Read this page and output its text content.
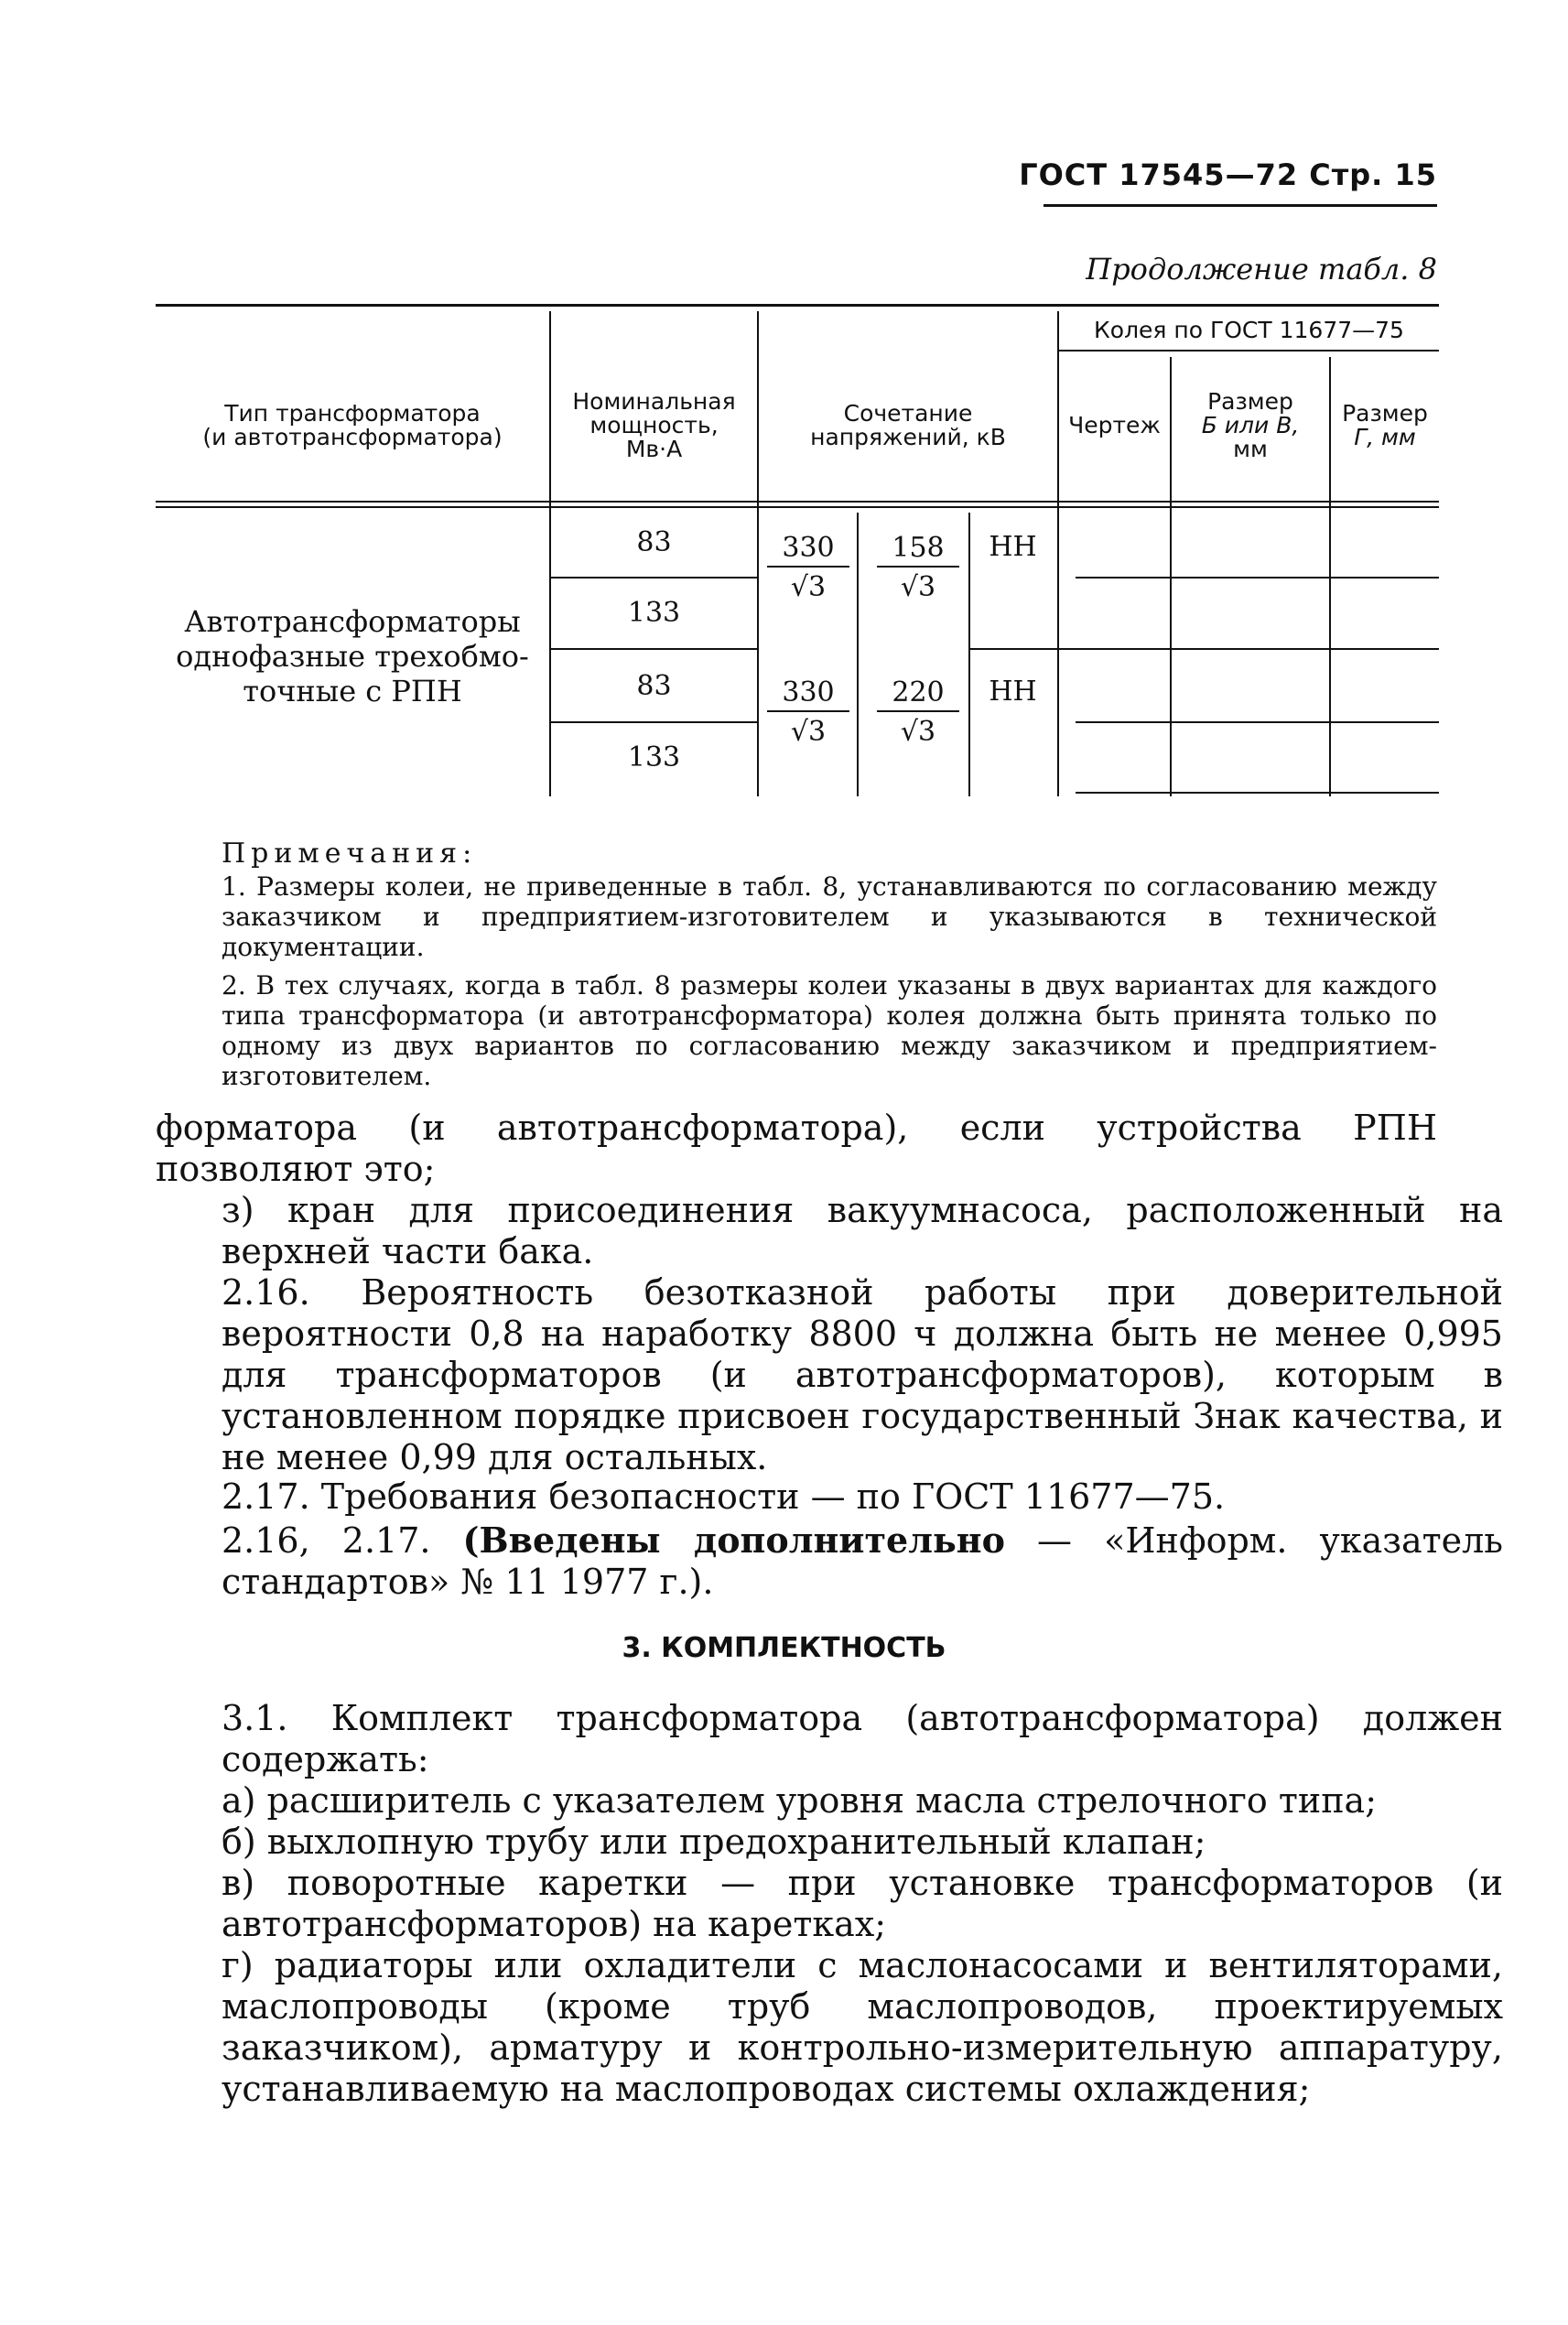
ГОСТ 17545—72 Стр. 15
Продолжение табл. 8
Тип трансформатора
(и автотрансформатора)
Номинальная
мощность,
Мв·А
Сочетание
напряжений, кВ
Колея по ГОСТ 11677—75
Чертеж
Размер
Б или В,
мм
Размер
Г, мм
Автотрансформаторы
однофазные трехобмо-
точные с РПН
83
133
83
133
$\frac{330}{√3} \frac{158}{√3}$	НН
$\frac{330}{√3} \frac{220}{√3}$	НН
Примечания:
1. Размеры колеи, не приведенные в табл. 8, устанавливаются по согласованию между заказчиком и предприятием-изготовителем и указываются в технической документации.
2. В тех случаях, когда в табл. 8 размеры колеи указаны в двух вариантах для каждого типа трансформатора (и автотрансформатора) колея должна быть принята только по одному из двух вариантов по согласованию между заказчиком и предприятием-изготовителем.
форматора (и автотрансформатора), если устройства РПН позволяют это;
з) кран для присоединения вакуумнасоса, расположенный на верхней части бака.
2.16. Вероятность безотказной работы при доверительной вероятности 0,8 на наработку 8800 ч должна быть не менее 0,995 для трансформаторов (и автотрансформаторов), которым в установленном порядке присвоен государственный Знак качества, и не менее 0,99 для остальных.
2.17. Требования безопасности — по ГОСТ 11677—75.
2.16, 2.17. (Введены дополнительно — «Информ. указатель стандартов» № 11 1977 г.).
3. КОМПЛЕКТНОСТЬ
3.1. Комплект трансформатора (автотрансформатора) должен содержать:
а) расширитель с указателем уровня масла стрелочного типа;
б) выхлопную трубу или предохранительный клапан;
в) поворотные каретки — при установке трансформаторов (и автотрансформаторов) на каретках;
г) радиаторы или охладители с маслонасосами и вентиляторами, маслопроводы (кроме труб маслопроводов, проектируемых заказчиком), арматуру и контрольно-измерительную аппаратуру, устанавливаемую на маслопроводах системы охлаждения;
